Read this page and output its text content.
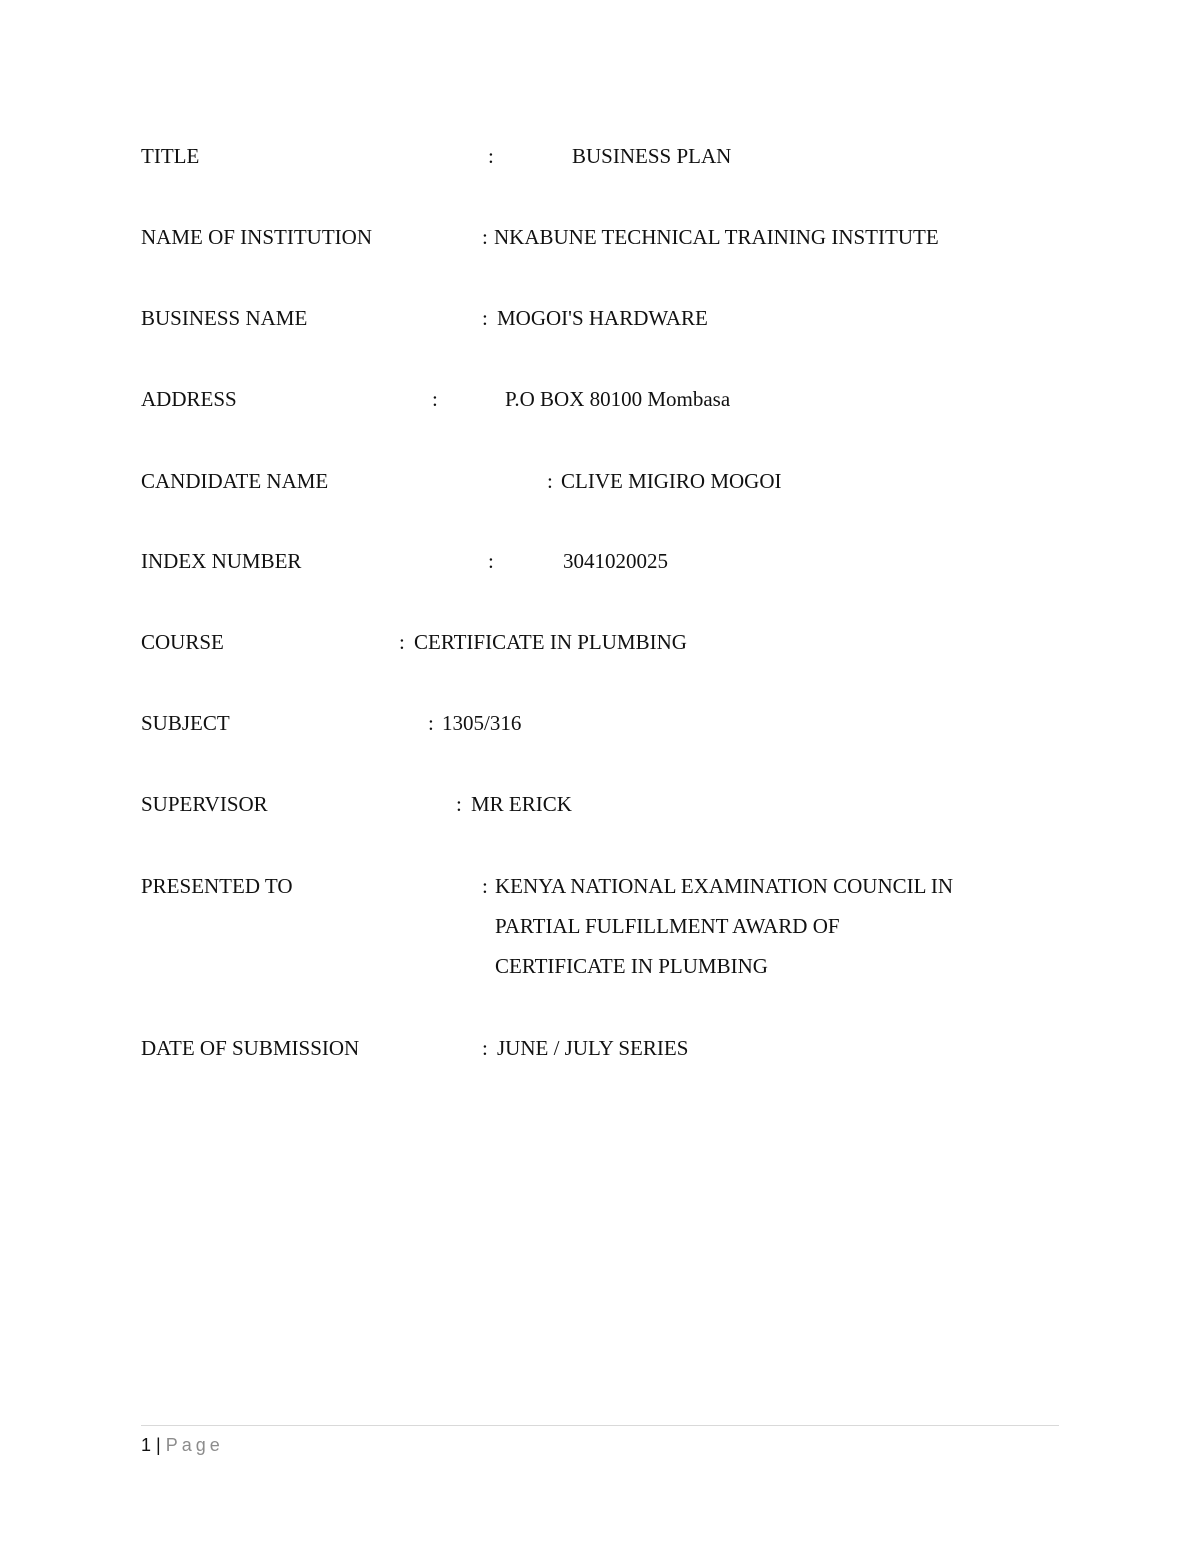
TITLE	:	BUSINESS PLAN
NAME OF INSTITUTION	: NKABUNE TECHNICAL TRAINING INSTITUTE
BUSINESS NAME	: MOGOI'S HARDWARE
ADDRESS	:	P.O BOX 80100 Mombasa
CANDIDATE NAME	: CLIVE MIGIRO MOGOI
INDEX NUMBER	:	3041020025
COURSE	: CERTIFICATE IN PLUMBING
SUBJECT	: 1305/316
SUPERVISOR	: MR ERICK
PRESENTED TO	: KENYA NATIONAL EXAMINATION COUNCIL IN
PARTIAL FULFILLMENT AWARD OF
CERTIFICATE IN PLUMBING
DATE OF SUBMISSION	: JUNE / JULY SERIES
1 | Page
